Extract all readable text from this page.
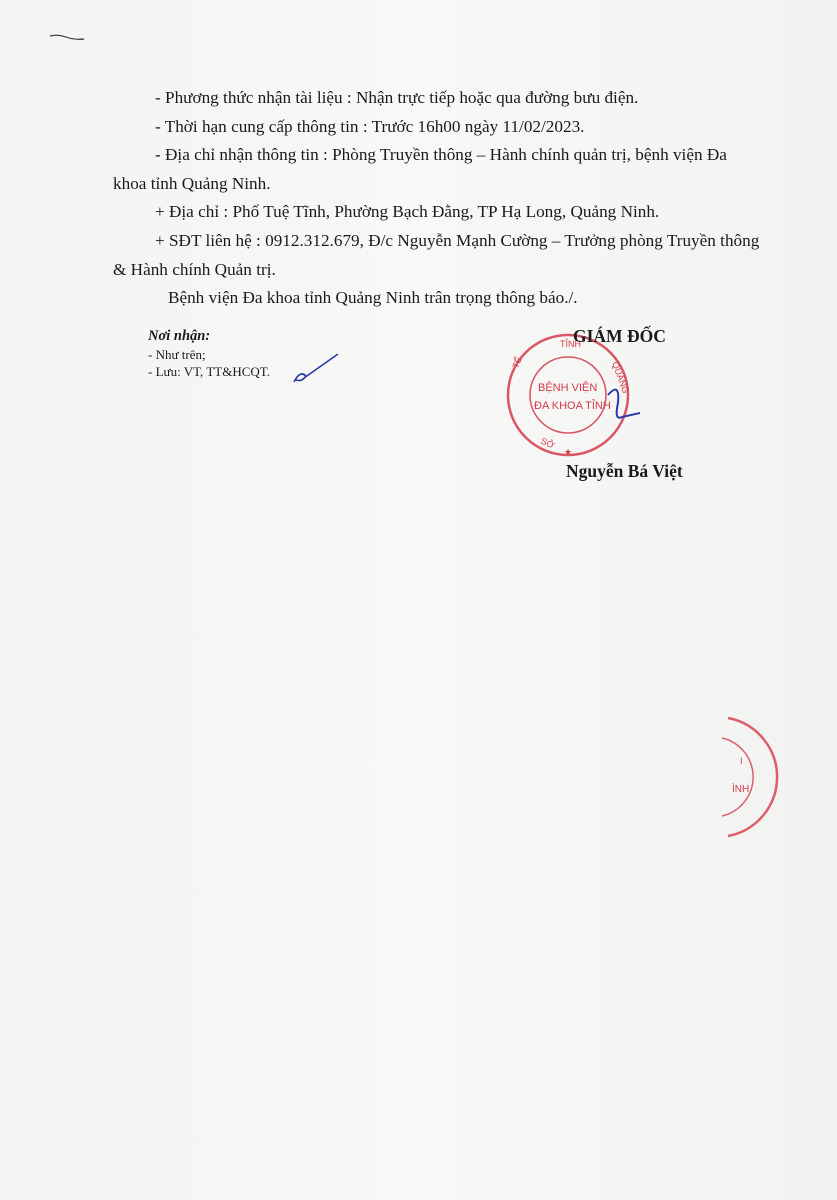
- Phương thức nhận tài liệu : Nhận trực tiếp hoặc qua đường bưu điện.

- Thời hạn cung cấp thông tin : Trước 16h00 ngày 11/02/2023.

- Địa chỉ nhận thông tin : Phòng Truyền thông – Hành chính quản trị, bệnh viện Đa khoa tỉnh Quảng Ninh.

+ Địa chỉ : Phố Tuệ Tĩnh, Phường Bạch Đằng, TP Hạ Long, Quảng Ninh.

+ SĐT liên hệ : 0912.312.679, Đ/c Nguyễn Mạnh Cường – Trưởng phòng Truyền thông & Hành chính Quản trị.

Bệnh viện Đa khoa tỉnh Quảng Ninh trân trọng thông báo./.

Nơi nhận:
- Như trên;
- Lưu: VT, TT&HCQT.
TỈNH
QUẢNG
TẾ
SỞ
★
BỆNH VIỆN
ĐA KHOA TỈNH
GIÁM ĐỐC
Nguyễn Bá Việt
I
ÌNH
